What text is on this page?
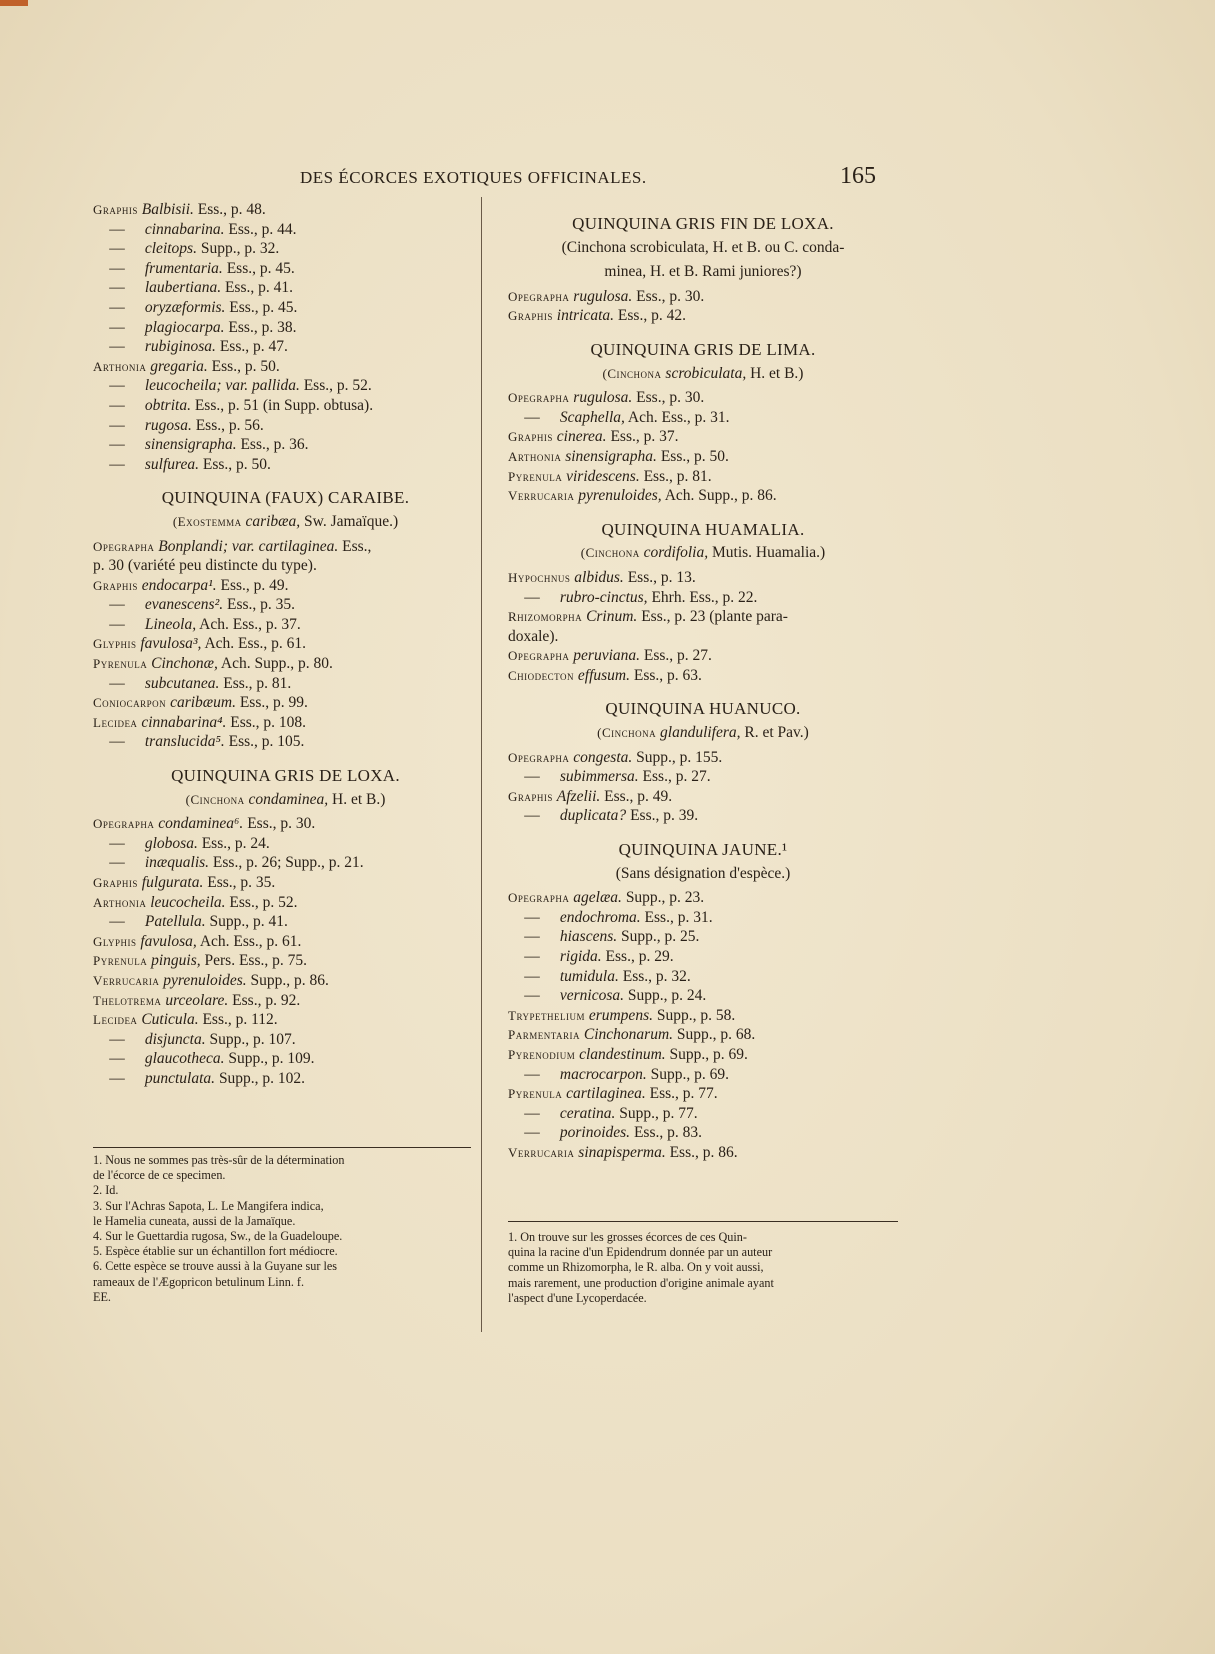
DES ÉCORCES EXOTIQUES OFFICINALES.	165
Graphis Balbisii. Ess., p. 48.
— cinnabarina. Ess., p. 44.
— cleitops. Supp., p. 32.
— frumentaria. Ess., p. 45.
— laubertiana. Ess., p. 41.
— oryzæformis. Ess., p. 45.
— plagiocarpa. Ess., p. 38.
— rubiginosa. Ess., p. 47.
Arthonia gregaria. Ess., p. 50.
— leucocheila; var. pallida. Ess., p. 52.
— obtrita. Ess., p. 51 (in Supp. obtusa).
— rugosa. Ess., p. 56.
— sinensigrapha. Ess., p. 36.
— sulfurea. Ess., p. 50.
QUINQUINA (FAUX) CARAIBE.
(Exostemma caribæa, Sw. Jamaïque.)
Opegrapha Bonplandi; var. cartilaginea. Ess.,
p. 30 (variété peu distincte du type).
Graphis endocarpa¹. Ess., p. 49.
— evanescens². Ess., p. 35.
— Lineola, Ach. Ess., p. 37.
Glyphis favulosa³, Ach. Ess., p. 61.
Pyrenula Cinchonæ, Ach. Supp., p. 80.
— subcutanea. Ess., p. 81.
Coniocarpon caribæum. Ess., p. 99.
Lecidea cinnabarina⁴. Ess., p. 108.
— translucida⁵. Ess., p. 105.
QUINQUINA GRIS DE LOXA.
(Cinchona condaminea, H. et B.)
Opegrapha condaminea⁶. Ess., p. 30.
— globosa. Ess., p. 24.
— inæqualis. Ess., p. 26; Supp., p. 21.
Graphis fulgurata. Ess., p. 35.
Arthonia leucocheila. Ess., p. 52.
— Patellula. Supp., p. 41.
Glyphis favulosa, Ach. Ess., p. 61.
Pyrenula pinguis, Pers. Ess., p. 75.
Verrucaria pyrenuloides. Supp., p. 86.
Thelotrema urceolare. Ess., p. 92.
Lecidea Cuticula. Ess., p. 112.
— disjuncta. Supp., p. 107.
— glaucotheca. Supp., p. 109.
— punctulata. Supp., p. 102.
QUINQUINA GRIS FIN DE LOXA.
(Cinchona scrobiculata, H. et B. ou C. conda-
minea, H. et B. Rami juniores?)
Opegrapha rugulosa. Ess., p. 30.
Graphis intricata. Ess., p. 42.
QUINQUINA GRIS DE LIMA.
(Cinchona scrobiculata, H. et B.)
Opegrapha rugulosa. Ess., p. 30.
— Scaphella, Ach. Ess., p. 31.
Graphis cinerea. Ess., p. 37.
Arthonia sinensigrapha. Ess., p. 50.
Pyrenula viridescens. Ess., p. 81.
Verrucaria pyrenuloides, Ach. Supp., p. 86.
QUINQUINA HUAMALIA.
(Cinchona cordifolia, Mutis. Huamalia.)
Hypochnus albidus. Ess., p. 13.
— rubro-cinctus, Ehrh. Ess., p. 22.
Rhizomorpha Crinum. Ess., p. 23 (plante para-
doxale).
Opegrapha peruviana. Ess., p. 27.
Chiodecton effusum. Ess., p. 63.
QUINQUINA HUANUCO.
(Cinchona glandulifera, R. et Pav.)
Opegrapha congesta. Supp., p. 155.
— subimmersa. Ess., p. 27.
Graphis Afzelii. Ess., p. 49.
— duplicata? Ess., p. 39.
QUINQUINA JAUNE.¹
(Sans désignation d'espèce.)
Opegrapha agelæa. Supp., p. 23.
— endochroma. Ess., p. 31.
— hiascens. Supp., p. 25.
— rigida. Ess., p. 29.
— tumidula. Ess., p. 32.
— vernicosa. Supp., p. 24.
Trypethelium erumpens. Supp., p. 58.
Parmentaria Cinchonarum. Supp., p. 68.
Pyrenodium clandestinum. Supp., p. 69.
— macrocarpon. Supp., p. 69.
Pyrenula cartilaginea. Ess., p. 77.
— ceratina. Supp., p. 77.
— porinoides. Ess., p. 83.
Verrucaria sinapisperma. Ess., p. 86.
1. Nous ne sommes pas très-sûr de la détermination
de l'écorce de ce specimen.
2. Id.
3. Sur l'Achras Sapota, L. Le Mangifera indica,
le Hamelia cuneata, aussi de la Jamaïque.
4. Sur le Guettardia rugosa, Sw., de la Guadeloupe.
5. Espèce établie sur un échantillon fort médiocre.
6. Cette espèce se trouve aussi à la Guyane sur les
rameaux de l'Ægopricon betulinum Linn. f.
EE.
1. On trouve sur les grosses écorces de ces Quin-
quina la racine d'un Epidendrum donnée par un auteur
comme un Rhizomorpha, le R. alba. On y voit aussi,
mais rarement, une production d'origine animale ayant
l'aspect d'une Lycoperdacée.
